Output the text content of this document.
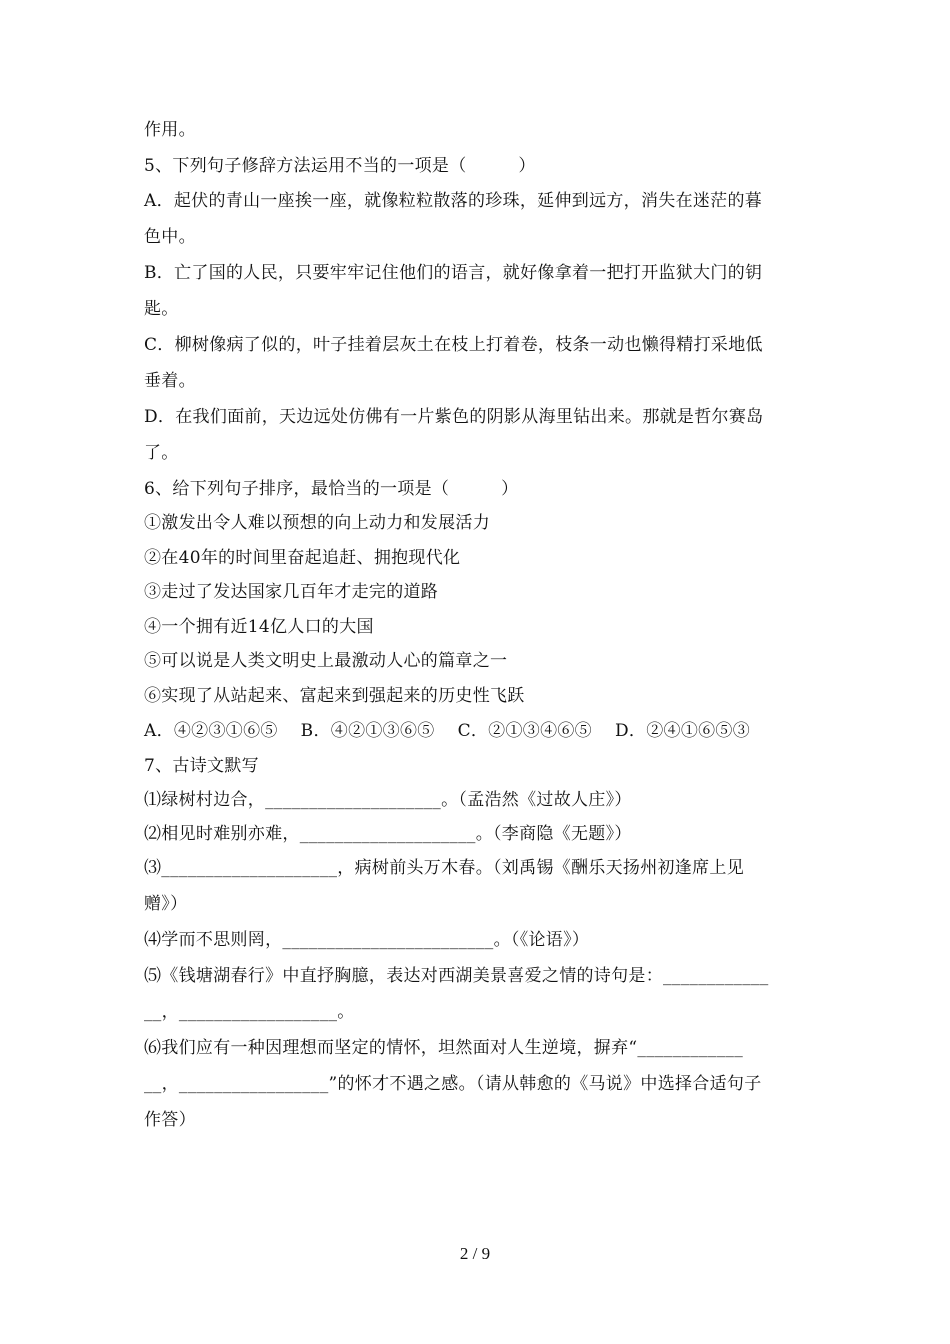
作用。
5、下列句子修辞方法运用不当的一项是（　　　）
A．起伏的青山一座挨一座，就像粒粒散落的珍珠，延伸到远方，消失在迷茫的暮
色中。
B．亡了国的人民，只要牢牢记住他们的语言，就好像拿着一把打开监狱大门的钥
匙。
C．柳树像病了似的，叶子挂着层灰土在枝上打着卷，枝条一动也懒得精打采地低
垂着。
D．在我们面前，天边远处仿佛有一片紫色的阴影从海里钻出来。那就是哲尔赛岛
了。
6、给下列句子排序，最恰当的一项是（　　　）
①激发出令人难以预想的向上动力和发展活力
②在40年的时间里奋起追赶、拥抱现代化
③走过了发达国家几百年才走完的道路
④一个拥有近14亿人口的大国
⑤可以说是人类文明史上最激动人心的篇章之一
⑥实现了从站起来、富起来到强起来的历史性飞跃
A．④②③①⑥⑤　 B．④②①③⑥⑤　 C．②①③④⑥⑤　 D．②④①⑥⑤③
7、古诗文默写
⑴绿树村边合，____________________。（孟浩然《过故人庄》）
⑵相见时难别亦难，____________________。（李商隐《无题》）
⑶____________________，病树前头万木春。（刘禹锡《酬乐天扬州初逢席上见
赠》）
⑷学而不思则罔，________________________。（《论语》）
⑸《钱塘湖春行》中直抒胸臆，表达对西湖美景喜爱之情的诗句是：____________
__，__________________。
⑹我们应有一种因理想而坚定的情怀，坦然面对人生逆境，摒弃“____________
__，_________________”的怀才不遇之感。（请从韩愈的《马说》中选择合适句子
作答）
2 / 9
